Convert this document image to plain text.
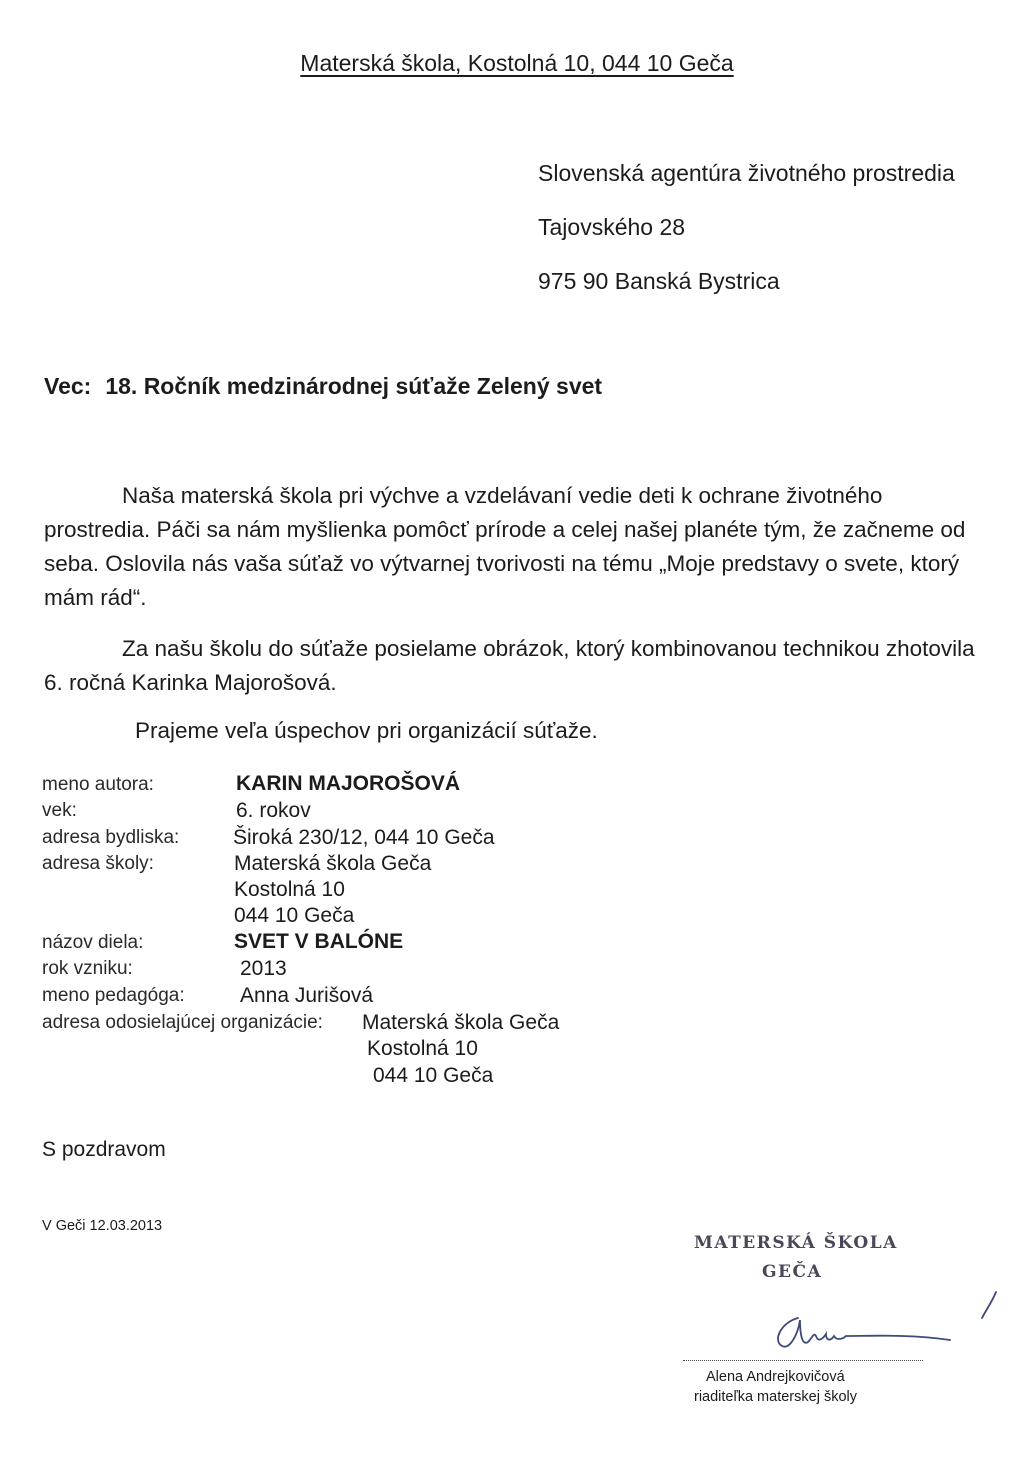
Materská škola, Kostolná 10, 044 10 Geča
Slovenská agentúra životného prostredia
Tajovského 28
975 90 Banská Bystrica
Vec: 18. Ročník medzinárodnej súťaže Zelený svet
Naša materská škola pri výchve a vzdelávaní vedie deti k ochrane životného prostredia. Páči sa nám myšlienka pomôcť prírode a celej našej planéte tým, že začneme od seba. Oslovila nás vaša súťaž vo výtvarnej tvorivosti na tému „Moje predstavy o svete, ktorý mám rád“.
Za našu školu do súťaže posielame obrázok, ktorý kombinovanou technikou zhotovila 6. ročná Karinka Majorošová.
Prajeme veľa úspechov pri organizácií súťaže.
meno autora:	KARIN MAJOROŠOVÁ
vek:	6. rokov
adresa bydliska:	Široká 230/12, 044 10 Geča
adresa školy:	Materská škola Geča
Kostolná 10
044 10 Geča
názov diela:	SVET V BALÓNE
rok vzniku:	2013
meno pedagóga:	Anna Jurišová
adresa odosielajúcej organizácie: Materská škola Geča
Kostolná 10
044 10 Geča
S pozdravom
V Geči 12.03.2013
MATERSKÁ ŠKOLA
GEČA
Alena Andrejkovičová
riaditeľka materskej školy
